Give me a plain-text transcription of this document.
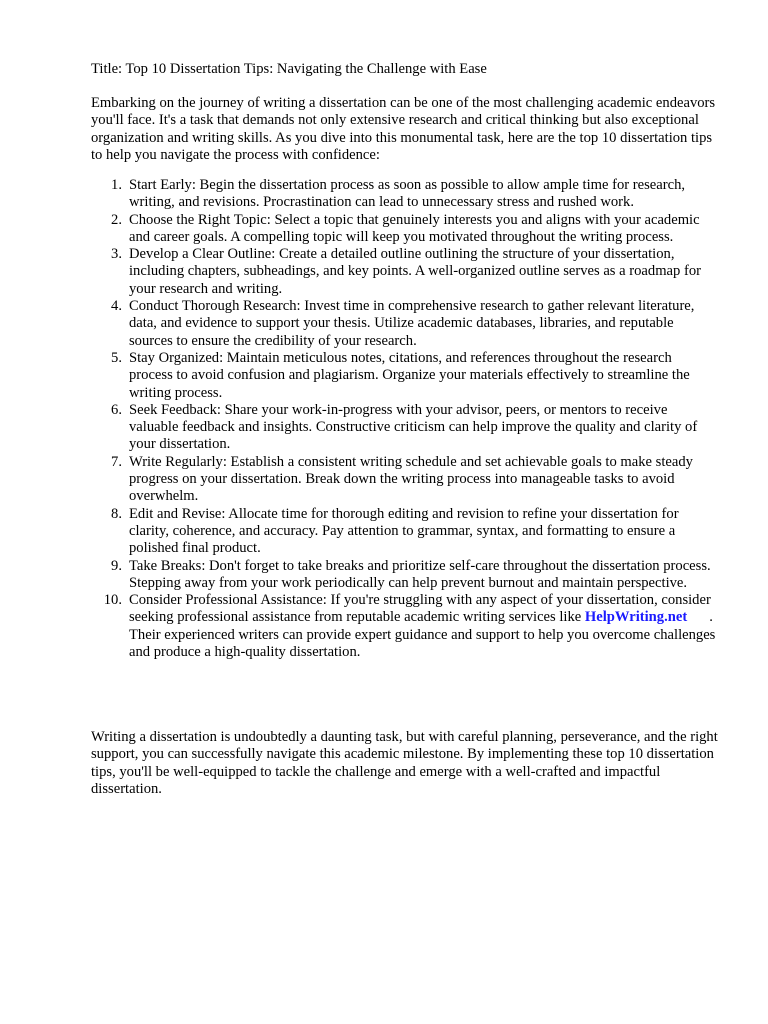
Title: Top 10 Dissertation Tips: Navigating the Challenge with Ease

Embarking on the journey of writing a dissertation can be one of the most challenging academic endeavors you'll face. It's a task that demands not only extensive research and critical thinking but also exceptional organization and writing skills. As you dive into this monumental task, here are the top 10 dissertation tips to help you navigate the process with confidence:

1. Start Early: Begin the dissertation process as soon as possible to allow ample time for research, writing, and revisions. Procrastination can lead to unnecessary stress and rushed work.
2. Choose the Right Topic: Select a topic that genuinely interests you and aligns with your academic and career goals. A compelling topic will keep you motivated throughout the writing process.
3. Develop a Clear Outline: Create a detailed outline outlining the structure of your dissertation, including chapters, subheadings, and key points. A well-organized outline serves as a roadmap for your research and writing.
4. Conduct Thorough Research: Invest time in comprehensive research to gather relevant literature, data, and evidence to support your thesis. Utilize academic databases, libraries, and reputable sources to ensure the credibility of your research.
5. Stay Organized: Maintain meticulous notes, citations, and references throughout the research process to avoid confusion and plagiarism. Organize your materials effectively to streamline the writing process.
6. Seek Feedback: Share your work-in-progress with your advisor, peers, or mentors to receive valuable feedback and insights. Constructive criticism can help improve the quality and clarity of your dissertation.
7. Write Regularly: Establish a consistent writing schedule and set achievable goals to make steady progress on your dissertation. Break down the writing process into manageable tasks to avoid overwhelm.
8. Edit and Revise: Allocate time for thorough editing and revision to refine your dissertation for clarity, coherence, and accuracy. Pay attention to grammar, syntax, and formatting to ensure a polished final product.
9. Take Breaks: Don't forget to take breaks and prioritize self-care throughout the dissertation process. Stepping away from your work periodically can help prevent burnout and maintain perspective.
10. Consider Professional Assistance: If you're struggling with any aspect of your dissertation, consider seeking professional assistance from reputable academic writing services like HelpWriting.net . Their experienced writers can provide expert guidance and support to help you overcome challenges and produce a high-quality dissertation.

Writing a dissertation is undoubtedly a daunting task, but with careful planning, perseverance, and the right support, you can successfully navigate this academic milestone. By implementing these top 10 dissertation tips, you'll be well-equipped to tackle the challenge and emerge with a well-crafted and impactful dissertation.
